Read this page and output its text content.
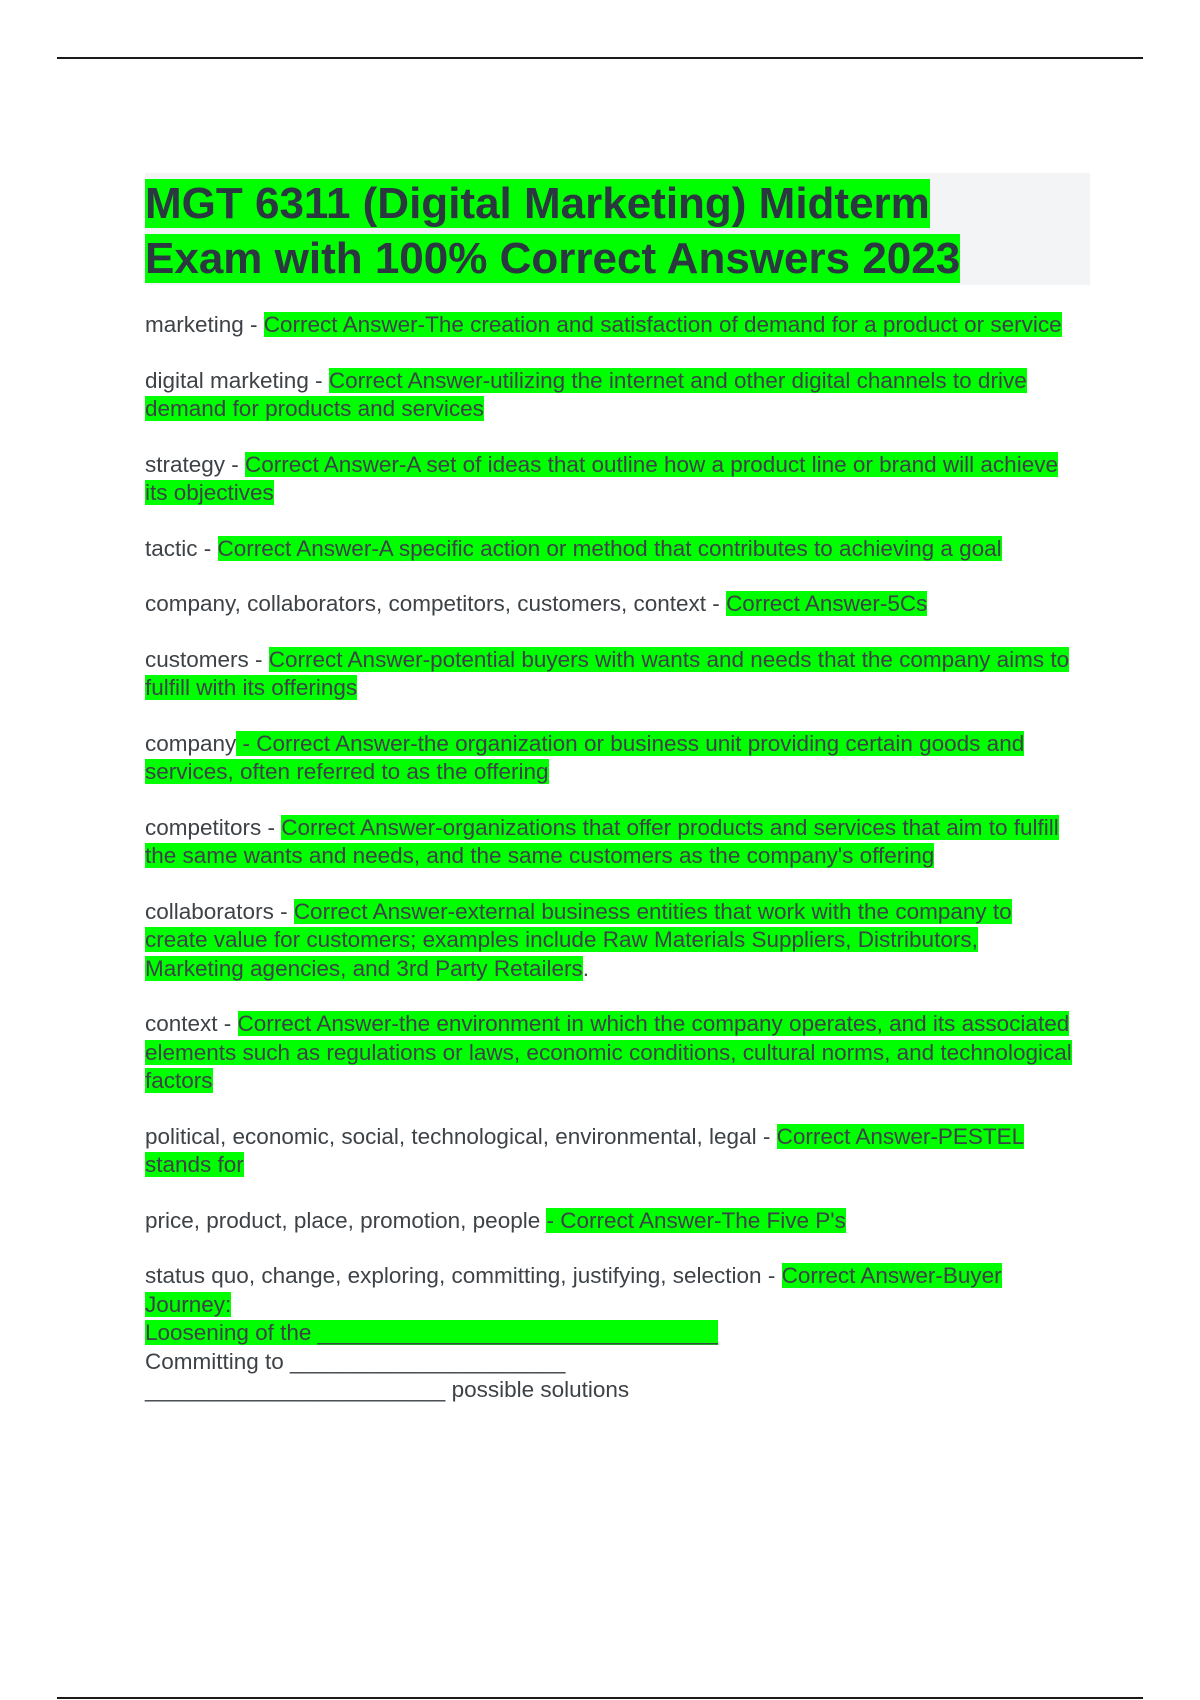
MGT 6311 (Digital Marketing) Midterm
Exam with 100% Correct Answers 2023

marketing - Correct Answer-The creation and satisfaction of demand for a product or service

digital marketing - Correct Answer-utilizing the internet and other digital channels to drive demand for products and services

strategy - Correct Answer-A set of ideas that outline how a product line or brand will achieve its objectives

tactic - Correct Answer-A specific action or method that contributes to achieving a goal

company, collaborators, competitors, customers, context - Correct Answer-5Cs

customers - Correct Answer-potential buyers with wants and needs that the company aims to fulfill with its offerings

company - Correct Answer-the organization or business unit providing certain goods and services, often referred to as the offering

competitors - Correct Answer-organizations that offer products and services that aim to fulfill the same wants and needs, and the same customers as the company's offering

collaborators - Correct Answer-external business entities that work with the company to create value for customers; examples include Raw Materials Suppliers, Distributors, Marketing agencies, and 3rd Party Retailers.

context - Correct Answer-the environment in which the company operates, and its associated elements such as regulations or laws, economic conditions, cultural norms, and technological factors

political, economic, social, technological, environmental, legal - Correct Answer-PESTEL stands for

price, product, place, promotion, people - Correct Answer-The Five P's

status quo, change, exploring, committing, justifying, selection - Correct Answer-Buyer Journey:
Loosening of the ________________________________
Committing to ______________________
________________________ possible solutions
